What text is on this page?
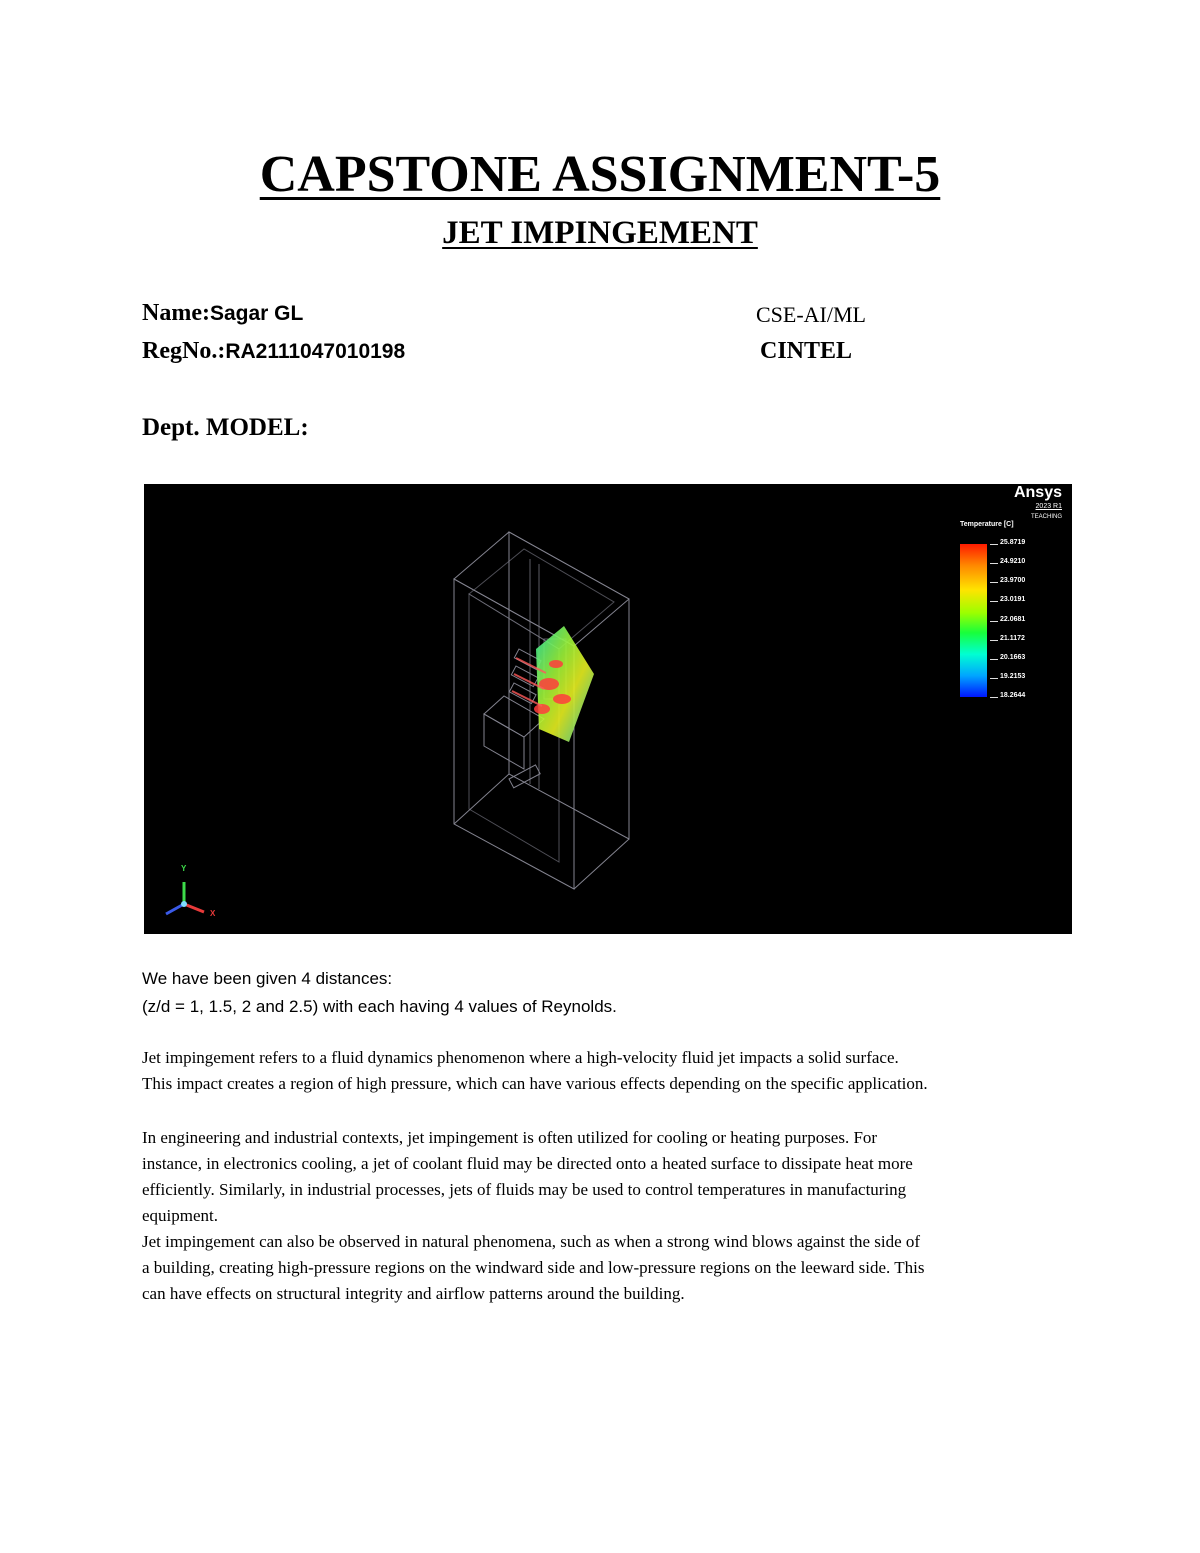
CAPSTONE ASSIGNMENT-5
JET IMPINGEMENT
Name:Sagar GL
RegNo.:RA2111047010198
CSE-AI/ML
CINTEL
Dept. MODEL:
Ansys
2023 R1
TEACHING
Temperature [C]
25.8719
24.9210
23.9700
23.0191
22.0681
21.1172
20.1663
19.2153
18.2644
Y
X
We have been given 4 distances:
(z/d = 1, 1.5, 2 and 2.5) with each having 4 values of Reynolds.
Jet impingement refers to a fluid dynamics phenomenon where a high-velocity fluid jet impacts a solid surface.
This impact creates a region of high pressure, which can have various effects depending on the specific application.
In engineering and industrial contexts, jet impingement is often utilized for cooling or heating purposes. For
instance, in electronics cooling, a jet of coolant fluid may be directed onto a heated surface to dissipate heat more
efficiently. Similarly, in industrial processes, jets of fluids may be used to control temperatures in manufacturing
equipment.
Jet impingement can also be observed in natural phenomena, such as when a strong wind blows against the side of
a building, creating high-pressure regions on the windward side and low-pressure regions on the leeward side. This
can have effects on structural integrity and airflow patterns around the building.
